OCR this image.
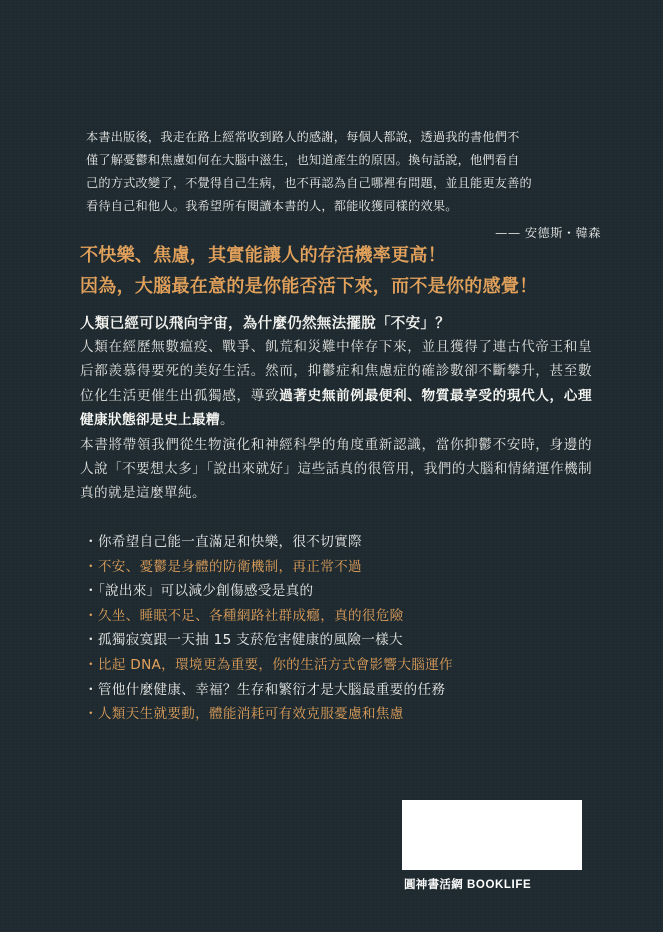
本書出版後，我走在路上經常收到路人的感謝，每個人都說，透過我的書他們不

僅了解憂鬱和焦慮如何在大腦中滋生，也知道產生的原因。換句話說，他們看自

己的方式改變了，不覺得自己生病，也不再認為自己哪裡有問題，並且能更友善的

看待自己和他人。我希望所有閱讀本書的人，都能收獲同樣的效果。

—— 安德斯・韓森
不快樂、焦慮，其實能讓人的存活機率更高！
因為，大腦最在意的是你能否活下來，而不是你的感覺！
人類已經可以飛向宇宙，為什麼仍然無法擺脫「不安」？

人類在經歷無數瘟疫、戰爭、飢荒和災難中倖存下來，並且獲得了連古代帝王和皇后都羨慕得要死的美好生活。然而，抑鬱症和焦慮症的確診數卻不斷攀升，甚至數位化生活更催生出孤獨感，導致過著史無前例最便利、物質最享受的現代人，心理健康狀態卻是史上最糟。

本書將帶領我們從生物演化和神經科學的角度重新認識，當你抑鬱不安時，身邊的人說「不要想太多」「說出來就好」這些話真的很管用，我們的大腦和情緒運作機制真的就是這麼單純。

・你希望自己能一直滿足和快樂，很不切實際
・不安、憂鬱是身體的防衛機制，再正常不過
・「說出來」可以減少創傷感受是真的
・久坐、睡眠不足、各種網路社群成癮，真的很危險
・孤獨寂寞跟一天抽 15 支菸危害健康的風險一樣大
・比起 DNA，環境更為重要，你的生活方式會影響大腦運作
・管他什麼健康、幸福？生存和繁衍才是大腦最重要的任務
・人類天生就要動，體能消耗可有效克服憂慮和焦慮
圓神書活網 BOOKLIFE
